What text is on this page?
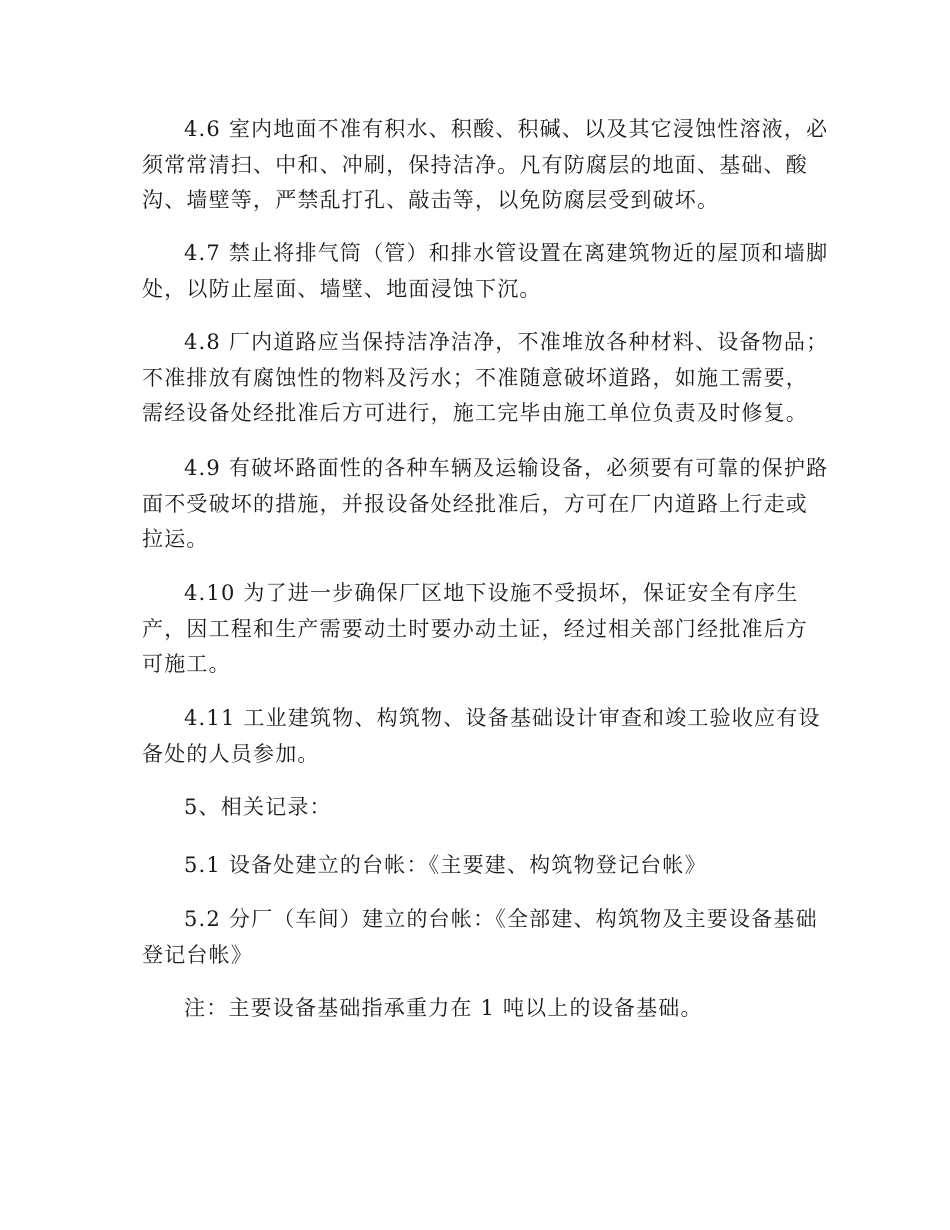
4.6 室内地面不准有积水、积酸、积碱、以及其它浸蚀性溶液，必
须常常清扫、中和、冲刷，保持洁净。凡有防腐层的地面、基础、酸
沟、墙壁等，严禁乱打孔、敲击等，以免防腐层受到破坏。
4.7 禁止将排气筒（管）和排水管设置在离建筑物近的屋顶和墙脚
处，以防止屋面、墙壁、地面浸蚀下沉。
4.8 厂内道路应当保持洁净洁净，不准堆放各种材料、设备物品；
不准排放有腐蚀性的物料及污水；不准随意破坏道路，如施工需要，
需经设备处经批准后方可进行，施工完毕由施工单位负责及时修复。
4.9 有破坏路面性的各种车辆及运输设备，必须要有可靠的保护路
面不受破坏的措施，并报设备处经批准后，方可在厂内道路上行走或
拉运。
4.10 为了进一步确保厂区地下设施不受损坏，保证安全有序生
产，因工程和生产需要动土时要办动土证，经过相关部门经批准后方
可施工。
4.11 工业建筑物、构筑物、设备基础设计审查和竣工验收应有设
备处的人员参加。
5、相关记录：
5.1 设备处建立的台帐：《主要建、构筑物登记台帐》
5.2 分厂（车间）建立的台帐：《全部建、构筑物及主要设备基础
登记台帐》
注：主要设备基础指承重力在 1 吨以上的设备基础。
